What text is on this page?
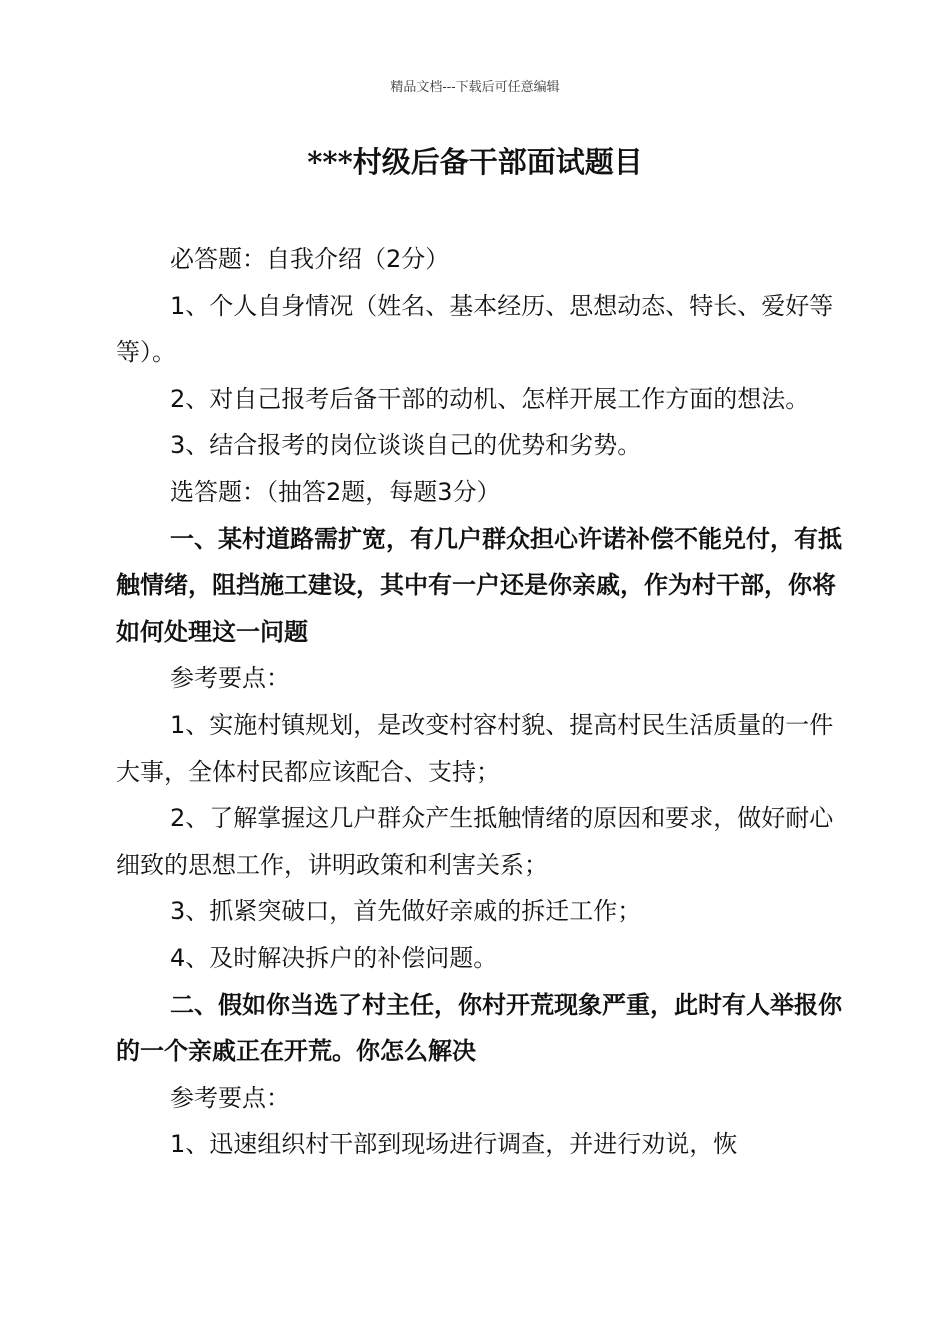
精品文档---下载后可任意编辑
***村级后备干部面试题目

必答题：自我介绍（2分）

1、个人自身情况（姓名、基本经历、思想动态、特长、爱好等等）。

2、对自己报考后备干部的动机、怎样开展工作方面的想法。

3、结合报考的岗位谈谈自己的优势和劣势。

选答题：（抽答2题，每题3分）

一、某村道路需扩宽，有几户群众担心许诺补偿不能兑付，有抵触情绪，阻挡施工建设，其中有一户还是你亲戚，作为村干部，你将如何处理这一问题

参考要点：

1、实施村镇规划，是改变村容村貌、提高村民生活质量的一件大事，全体村民都应该配合、支持；

2、了解掌握这几户群众产生抵触情绪的原因和要求，做好耐心细致的思想工作，讲明政策和利害关系；

3、抓紧突破口，首先做好亲戚的拆迁工作；

4、及时解决拆户的补偿问题。

二、假如你当选了村主任，你村开荒现象严重，此时有人举报你的一个亲戚正在开荒。你怎么解决

参考要点：

1、迅速组织村干部到现场进行调查，并进行劝说，恢
